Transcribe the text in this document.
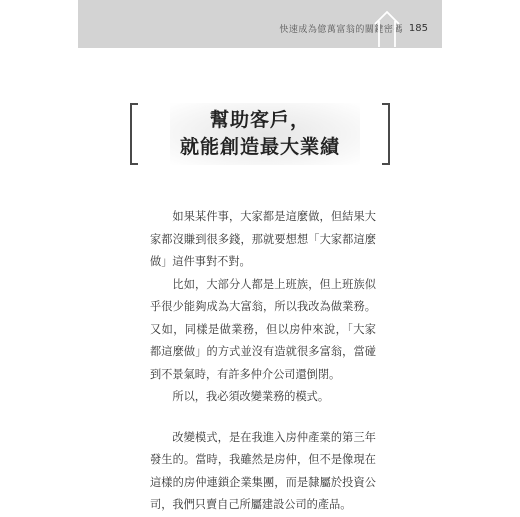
快速成為億萬富翁的關鍵密碼 185
幫助客戶，
就能創造最大業績

如果某件事，大家都是這麼做，但結果大家都沒賺到很多錢，那就要想想「大家都這麼做」這件事對不對。

比如，大部分人都是上班族，但上班族似乎很少能夠成為大富翁，所以我改為做業務。又如，同樣是做業務，但以房仲來說，「大家都這麼做」的方式並沒有造就很多富翁，當碰到不景氣時，有許多仲介公司還倒閉。

所以，我必須改變業務的模式。

改變模式，是在我進入房仲產業的第三年發生的。當時，我雖然是房仲，但不是像現在這樣的房仲連鎖企業集團，而是隸屬於投資公司，我們只賣自己所屬建設公司的產品。
